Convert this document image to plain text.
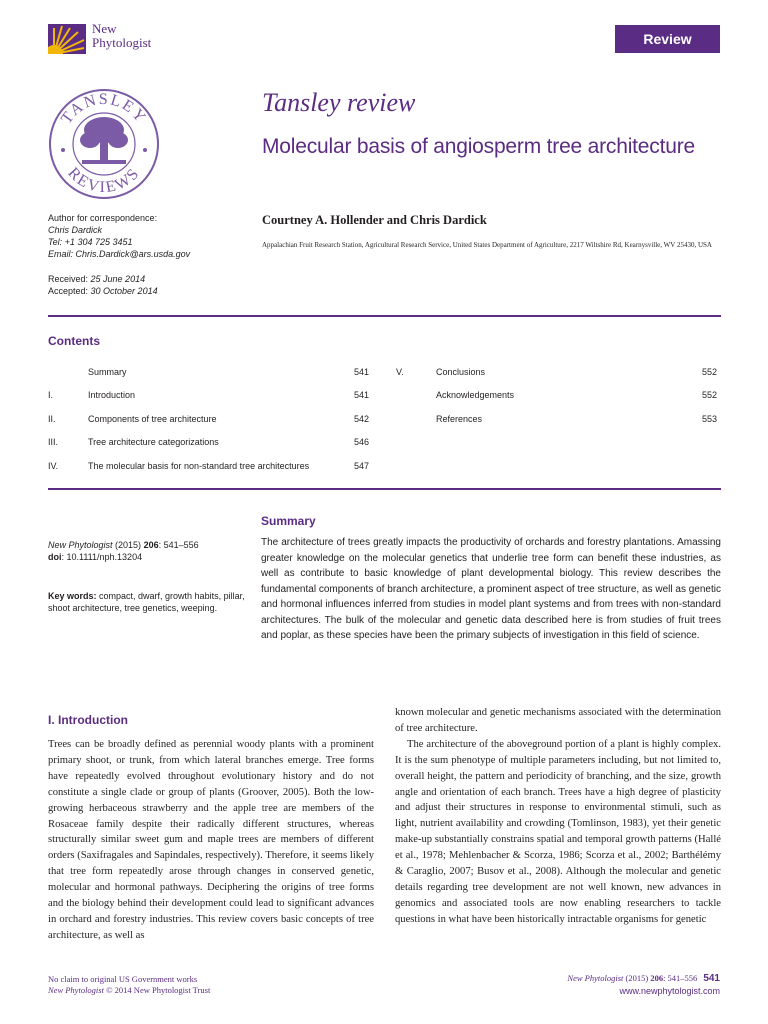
New
Phytologist	Review
TANSLEY
REVIEWS
Tansley review
Molecular basis of angiosperm tree architecture
Author for correspondence:
Chris Dardick
Tel: +1 304 725 3451
Email: Chris.Dardick@ars.usda.gov
Received: 25 June 2014
Accepted: 30 October 2014
Courtney A. Hollender and Chris Dardick
Appalachian Fruit Research Station, Agricultural Research Service, United States Department of Agriculture, 2217 Wiltshire Rd, Kearnysville, WV 25430, USA
Contents
Summary	541
I.	Introduction	541
II.	Components of tree architecture	542
III.	Tree architecture categorizations	546
IV.	The molecular basis for non-standard tree architectures	547
V.	Conclusions	552
Acknowledgements	552
References	553
New Phytologist (2015) 206: 541–556
doi: 10.1111/nph.13204
Key words: compact, dwarf, growth habits, pillar, shoot architecture, tree genetics, weeping.
Summary
The architecture of trees greatly impacts the productivity of orchards and forestry plantations. Amassing greater knowledge on the molecular genetics that underlie tree form can benefit these industries, as well as contribute to basic knowledge of plant developmental biology. This review describes the fundamental components of branch architecture, a prominent aspect of tree structure, as well as genetic and hormonal influences inferred from studies in model plant systems and from trees with non-standard architectures. The bulk of the molecular and genetic data described here is from studies of fruit trees and poplar, as these species have been the primary subjects of investigation in this field of science.
I. Introduction

Trees can be broadly defined as perennial woody plants with a prominent primary shoot, or trunk, from which lateral branches emerge. Tree forms have repeatedly evolved throughout evolutionary history and do not constitute a single clade or group of plants (Groover, 2005). Both the low-growing herbaceous strawberry and the apple tree are members of the Rosaceae family despite their radically different structures, whereas structurally similar sweet gum and maple trees are members of different orders (Saxifragales and Sapindales, respectively). Therefore, it seems likely that tree form repeatedly arose through changes in conserved genetic, molecular and hormonal pathways. Deciphering the origins of tree forms and the biology behind their development could lead to significant advances in orchard and forestry industries. This review covers basic concepts of tree architecture, as well as

known molecular and genetic mechanisms associated with the determination of tree architecture.

The architecture of the aboveground portion of a plant is highly complex. It is the sum phenotype of multiple parameters including, but not limited to, overall height, the pattern and periodicity of branching, and the size, growth angle and orientation of each branch. Trees have a high degree of plasticity and adjust their structures in response to environmental stimuli, such as light, nutrient availability and crowding (Tomlinson, 1983), yet their genetic make-up substantially constrains spatial and temporal growth patterns (Hallé et al., 1978; Mehlenbacher & Scorza, 1986; Scorza et al., 2002; Barthélémy & Caraglio, 2007; Busov et al., 2008). Although the molecular and genetic details regarding tree development are not well known, new advances in genomics and associated tools are now enabling researchers to tackle questions in what have been historically intractable organisms for genetic

No claim to original US Government works
New Phytologist © 2014 New Phytologist Trust
New Phytologist (2015) 206: 541–556 541
www.newphytologist.com
